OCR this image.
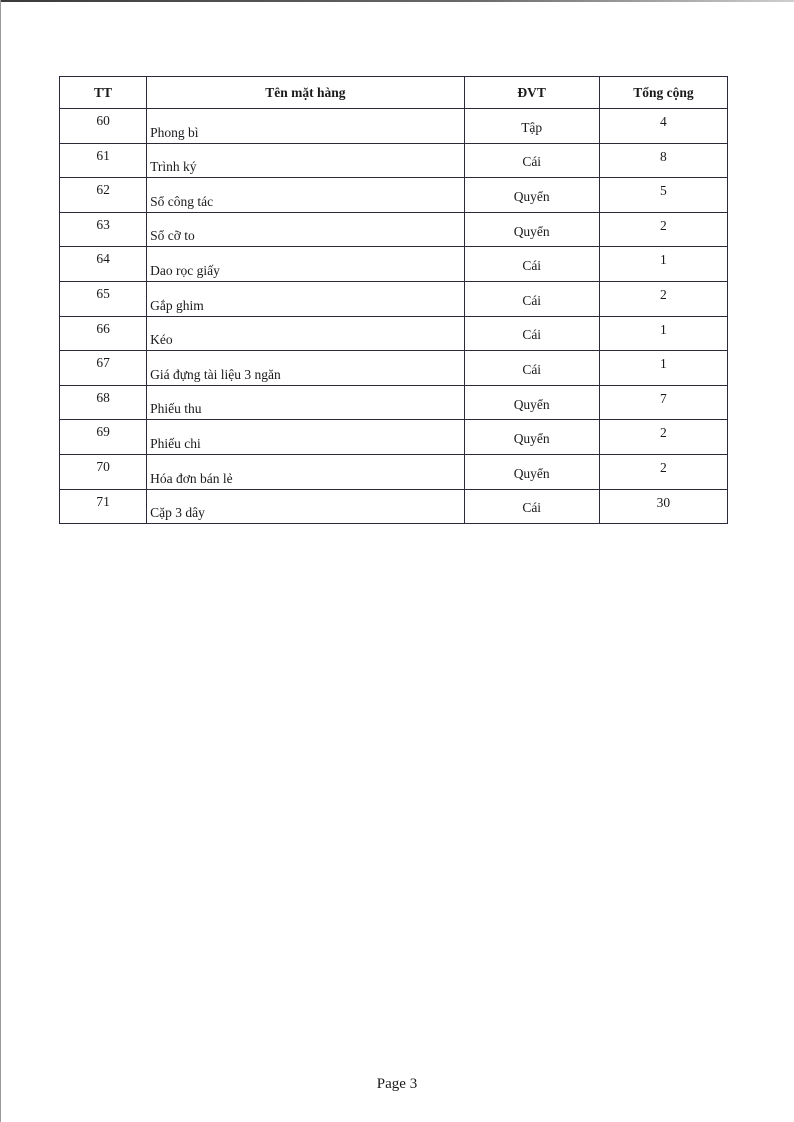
TT	Tên mặt hàng	ĐVT	Tổng cộng
60	Phong bì	Tập	4
61	Trình ký	Cái	8
62	Sổ công tác	Quyển	5
63	Sổ cỡ to	Quyển	2
64	Dao rọc giấy	Cái	1
65	Gắp ghim	Cái	2
66	Kéo	Cái	1
67	Giá đựng tài liệu 3 ngăn	Cái	1
68	Phiếu thu	Quyển	7
69	Phiếu chi	Quyển	2
70	Hóa đơn bán lẻ	Quyển	2
71	Cặp 3 dây	Cái	30
Page 3
